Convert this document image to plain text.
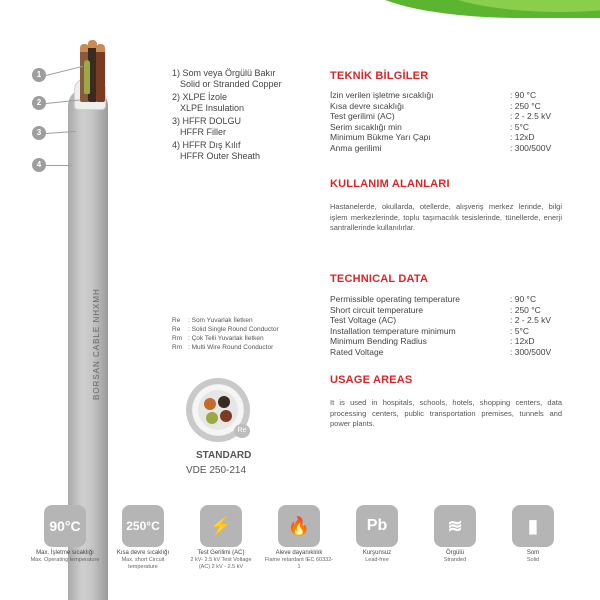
BORSAN CABLE NHXMH
1
2
3
4
1) Som veya Örgülü Bakır
Solid or Stranded Copper
2) XLPE İzole
XLPE Insulation
3) HFFR DOLGU
HFFR Filler
4) HFFR Dış Kılıf
HFFR Outer Sheath
Re : Som Yuvarlak İletken
Re : Solid Single Round Conductor
Rm : Çok Telli Yuvarlak İletken
Rm : Multi Wire Round Conductor
Re
STANDARD
VDE 250-214
TEKNİK BİLGİLER
İzin verilen işletme sıcaklığı	: 90 °C
Kısa devre sıcaklığı	: 250 °C
Test gerilimi (AC)	: 2 - 2.5 kV
Serim sıcaklığı min	: 5°C
Minimum Bükme Yarı Çapı	: 12xD
Anma gerilimi	: 300/500V
KULLANIM ALANLARI
Hastanelerde, okullarda, otellerde, alışveriş merkez lerinde, bilgi işlem merkezlerinde, toplu taşımacılık tesislerinde, tünellerde, enerji santrallerinde kullanılırlar.
TECHNICAL DATA
Permissible operating temperature	: 90 °C
Short circuit temperature	: 250 °C
Test Voltage (AC)	: 2 - 2.5 kV
Installation temperature minimum	: 5°C
Minimum Bending Radius	: 12xD
Rated Voltage	: 300/500V
USAGE AREAS
It is used in hospitals, schools, hotels, shopping centers, data processing centers, public transportation premises, tunnels and power plants.
90°C
Max. İşletme sıcaklığı
Max. Operating temperature
250°C
Kısa devre sıcaklığı
Max. short Circuit temperature
⚡
Test Gerilimi (AC)
2 kV- 2.5 kV Test Voltage (AC) 2 kV - 2.5 kV
🔥
Aleve dayanıklılık
Flame retardant IEC 60332-1
Pb
Kurşunsuz
Lead-free
≋
Örgülü
Stranded
▮
Som
Solid
